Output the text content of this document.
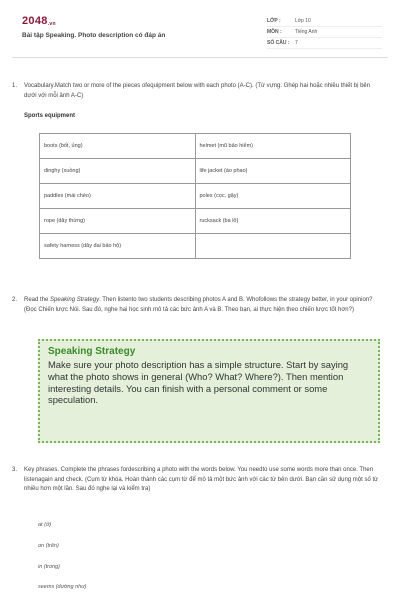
2048.vn
Bài tập Speaking. Photo description có đáp án
LỚP :	Lớp 10
MÔN :	Tiếng Anh
SỐ CÂU :	7
1. Vocabulary.Match two or more of the pieces ofequipment below with each photo (A-C). (Từ vựng. Ghép hai hoặc nhiều thiết bị bên dưới với mỗi ảnh A-C)
Sports equipment
boots (bốt, ủng)	helmet (mũ bảo hiểm)
dinghy (xuồng)	life jacket (áo phao)
paddles (mái chèo)	poles (cọc, gậy)
rope (dây thừng)	rucksack (ba lô)
safety harness (dây đai bảo hộ)	
2. Read the Speaking Strategy. Then listento two students describing photos A and B. Whofollows the strategy better, in your opinion? (Đọc Chiến lược Nói. Sau đó, nghe hai học sinh mô tả các bức ảnh A và B. Theo bạn, ai thực hiện theo chiến lược tốt hơn?)
Speaking Strategy
Make sure your photo description has a simple structure. Start by saying what the photo shows in general (Who? What? Where?). Then mention interesting details. You can finish with a personal comment or some speculation.
3. Key phrases. Complete the phrases fordescribing a photo with the words below. You needto use some words more than once. Then listenagain and check. (Cụm từ khóa. Hoàn thành các cụm từ để mô tả một bức ảnh với các từ bên dưới. Bạn cần sử dụng một số từ nhiều hơn một lần. Sau đó nghe lại và kiểm tra)
at (ở)
on (trên)
in (trong)
seems (dường như)
